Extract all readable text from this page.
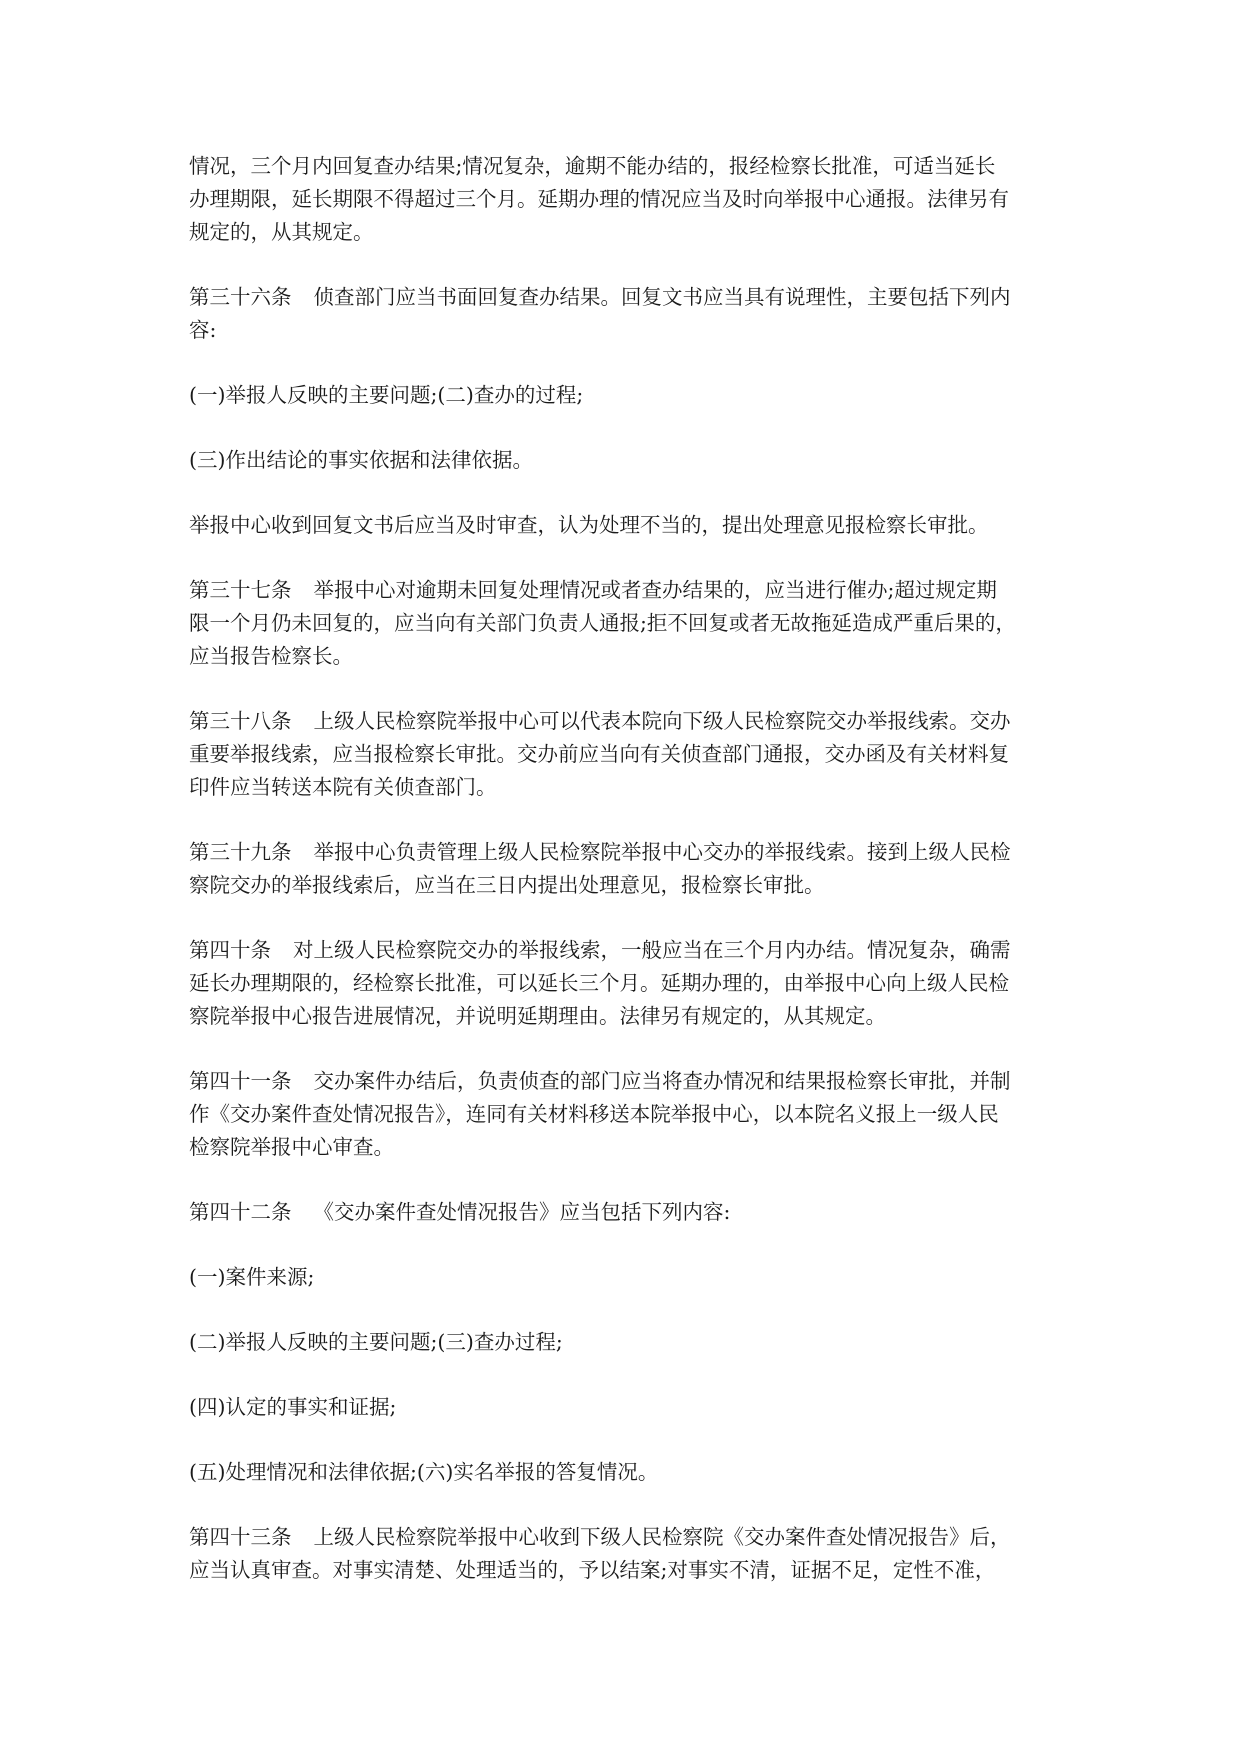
情况，三个月内回复查办结果;情况复杂，逾期不能办结的，报经检察长批准，可适当延长
办理期限，延长期限不得超过三个月。延期办理的情况应当及时向举报中心通报。法律另有
规定的，从其规定。
第三十六条 侦查部门应当书面回复查办结果。回复文书应当具有说理性，主要包括下列内
容:
(一)举报人反映的主要问题;(二)查办的过程;
(三)作出结论的事实依据和法律依据。
举报中心收到回复文书后应当及时审查，认为处理不当的，提出处理意见报检察长审批。
第三十七条 举报中心对逾期未回复处理情况或者查办结果的，应当进行催办;超过规定期
限一个月仍未回复的，应当向有关部门负责人通报;拒不回复或者无故拖延造成严重后果的，
应当报告检察长。
第三十八条 上级人民检察院举报中心可以代表本院向下级人民检察院交办举报线索。交办
重要举报线索，应当报检察长审批。交办前应当向有关侦查部门通报，交办函及有关材料复
印件应当转送本院有关侦查部门。
第三十九条 举报中心负责管理上级人民检察院举报中心交办的举报线索。接到上级人民检
察院交办的举报线索后，应当在三日内提出处理意见，报检察长审批。
第四十条 对上级人民检察院交办的举报线索，一般应当在三个月内办结。情况复杂，确需
延长办理期限的，经检察长批准，可以延长三个月。延期办理的，由举报中心向上级人民检
察院举报中心报告进展情况，并说明延期理由。法律另有规定的，从其规定。
第四十一条 交办案件办结后，负责侦查的部门应当将查办情况和结果报检察长审批，并制
作《交办案件查处情况报告》，连同有关材料移送本院举报中心，以本院名义报上一级人民
检察院举报中心审查。
第四十二条 《交办案件查处情况报告》应当包括下列内容:
(一)案件来源;
(二)举报人反映的主要问题;(三)查办过程;
(四)认定的事实和证据;
(五)处理情况和法律依据;(六)实名举报的答复情况。
第四十三条 上级人民检察院举报中心收到下级人民检察院《交办案件查处情况报告》后，
应当认真审查。对事实清楚、处理适当的，予以结案;对事实不清，证据不足，定性不准，
